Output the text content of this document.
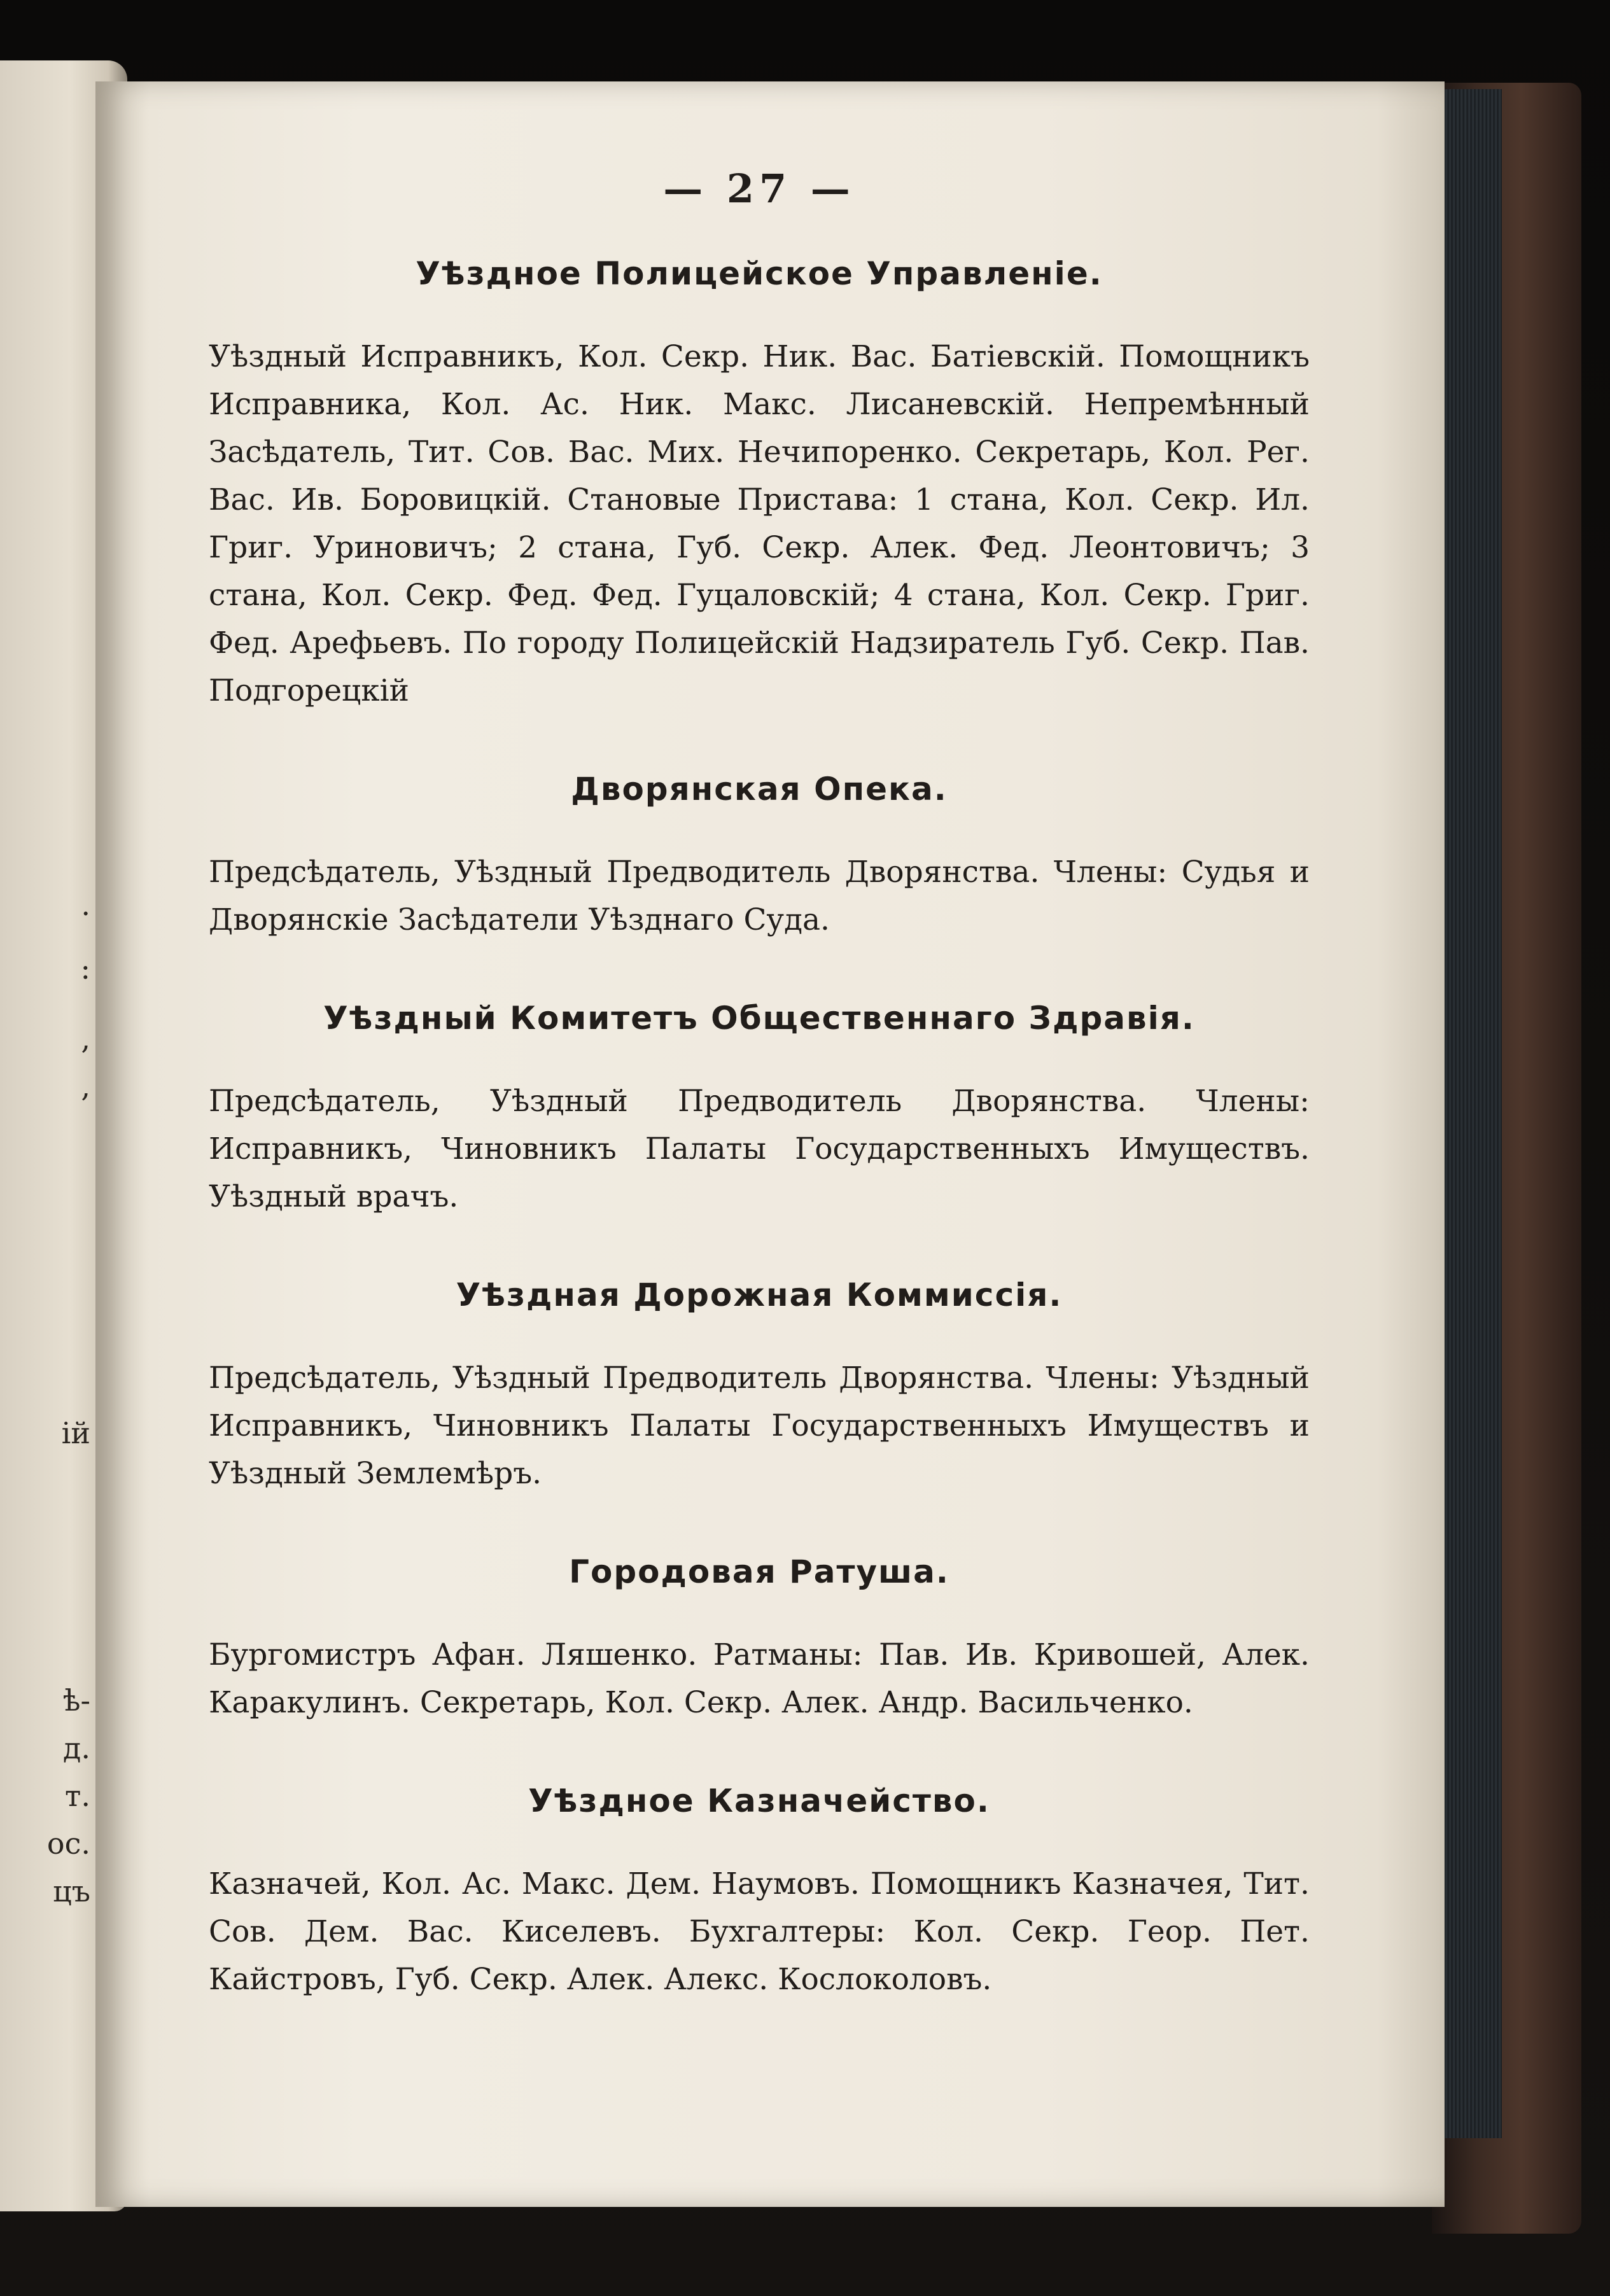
.
:
,
,
ій
ѣ-
д.
т.
ос.
цъ

— 27 —
Уѣздное Полицейское Управленіе.
Уѣздный Исправникъ, Кол. Секр. Ник. Вас. Батіевскій. Помощникъ Исправника, Кол. Ас. Ник. Макс. Лисаневскій. Непремѣнный Засѣдатель, Тит. Сов. Вас. Мих. Нечипоренко. Секретарь, Кол. Рег. Вас. Ив. Боровицкій. Становые Пристава: 1 стана, Кол. Секр. Ил. Григ. Уриновичъ; 2 стана, Губ. Секр. Алек. Фед. Леонтовичъ; 3 стана, Кол. Секр. Фед. Фед. Гуцаловскій; 4 стана, Кол. Секр. Григ. Фед. Арефьевъ. По городу Полицейскій Надзиратель Губ. Секр. Пав. Подгорецкій
Дворянская Опека.
Предсѣдатель, Уѣздный Предводитель Дворянства. Члены: Судья и Дворянскіе Засѣдатели Уѣзднаго Суда.
Уѣздный Комитетъ Общественнаго Здравія.
Предсѣдатель, Уѣздный Предводитель Дворянства. Члены: Исправникъ, Чиновникъ Палаты Государственныхъ Имуществъ. Уѣздный врачъ.
Уѣздная Дорожная Коммиссія.
Предсѣдатель, Уѣздный Предводитель Дворянства. Члены: Уѣздный Исправникъ, Чиновникъ Палаты Государственныхъ Имуществъ и Уѣздный Землемѣръ.
Городовая Ратуша.
Бургомистръ Афан. Ляшенко. Ратманы: Пав. Ив. Кривошей, Алек. Каракулинъ. Секретарь, Кол. Секр. Алек. Андр. Васильченко.
Уѣздное Казначейство.
Казначей, Кол. Ас. Макс. Дем. Наумовъ. Помощникъ Казначея, Тит. Сов. Дем. Вас. Киселевъ. Бухгалтеры: Кол. Секр. Геор. Пет. Кайстровъ, Губ. Секр. Алек. Алекс. Кослоколовъ.
